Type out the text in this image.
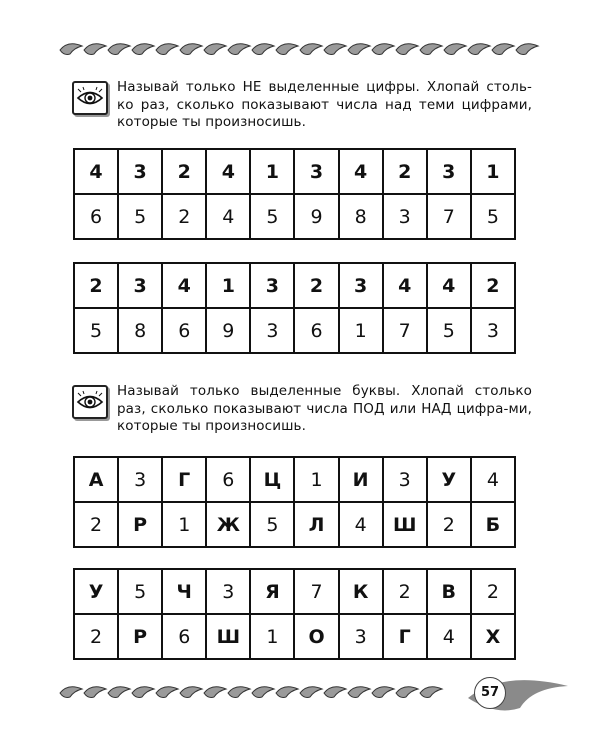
Называй только НЕ выделенные цифры. Хлопай столь-ко раз, сколько показывают числа над теми цифрами, которые ты произносишь.
4	3	2	4	1	3	4	2	3	1
6	5	2	4	5	9	8	3	7	5
2	3	4	1	3	2	3	4	4	2
5	8	6	9	3	6	1	7	5	3
Называй только выделенные буквы. Хлопай столько раз, сколько показывают числа ПОД или НАД цифра-ми, которые ты произносишь.
А	3	Г	6	Ц	1	И	3	У	4
2	Р	1	Ж	5	Л	4	Ш	2	Б
У	5	Ч	3	Я	7	К	2	В	2
2	Р	6	Ш	1	О	3	Г	4	Х
57
